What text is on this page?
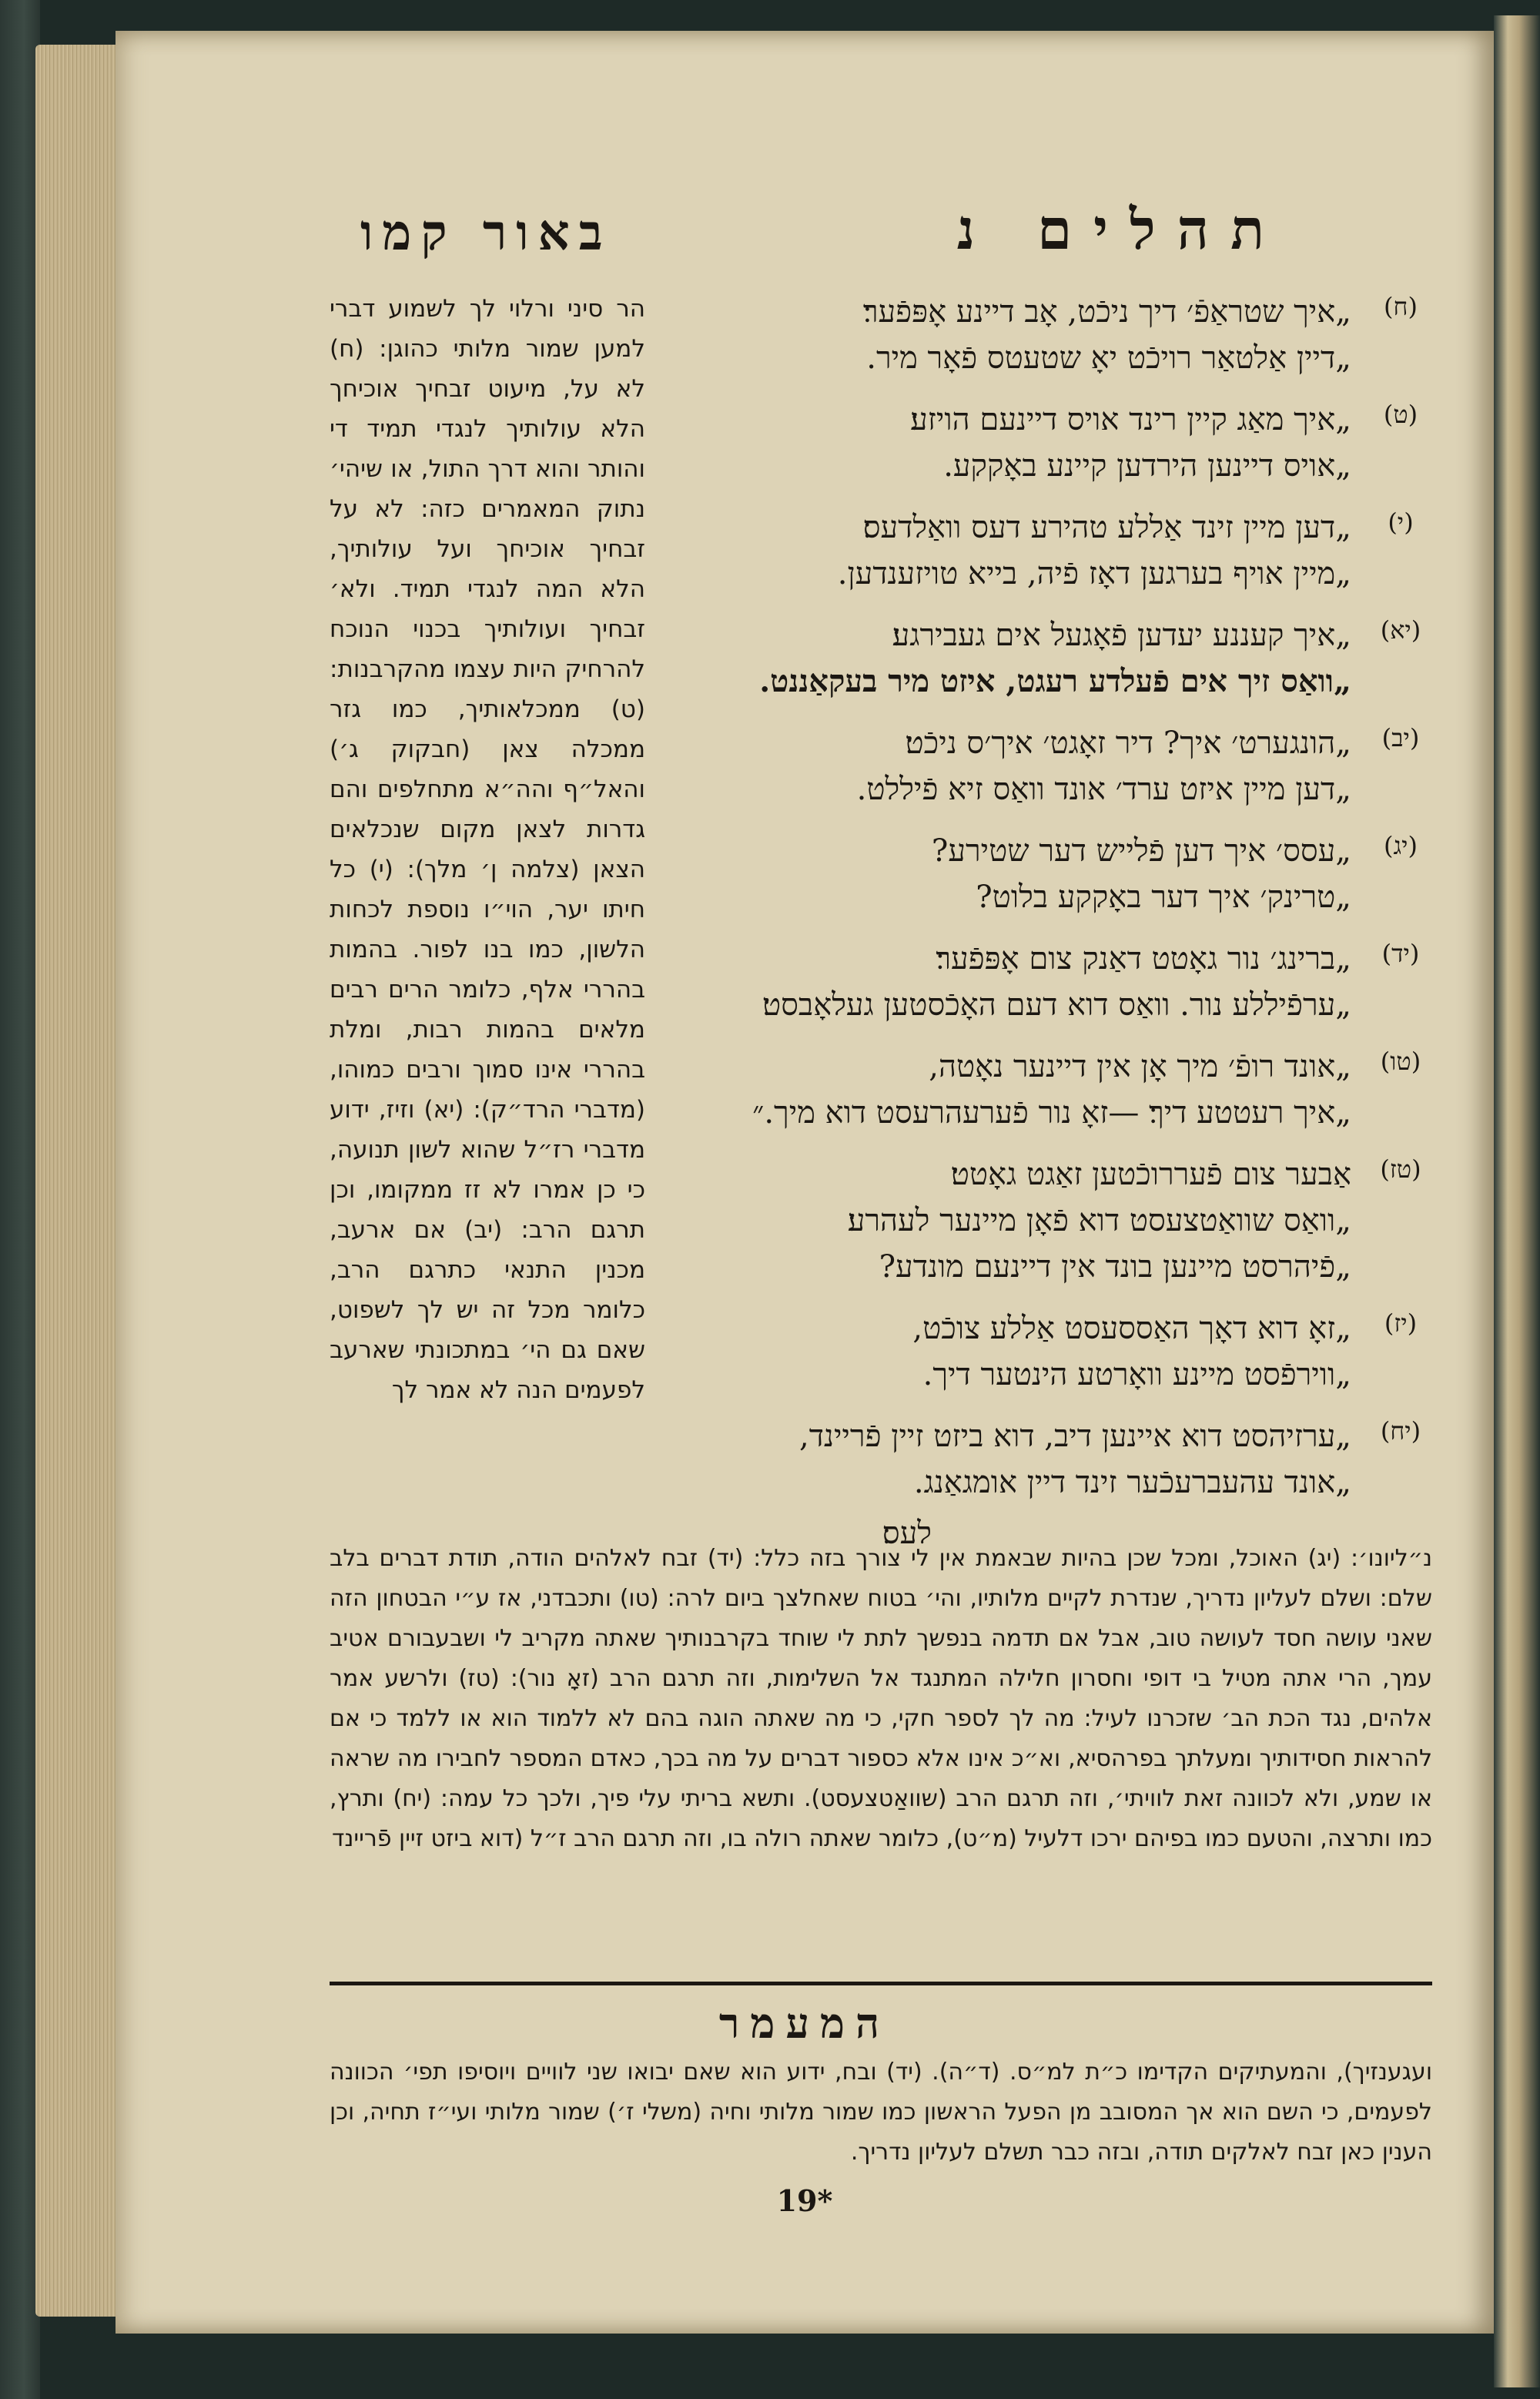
תהלים נ
באור קמו
(ח)
„איך שטראַפֿ׳ דיך ניכֿט, אָב דיינע אָפּפֿער׃
„דיין אַלטאַר רויכֿט יאָ שטעטס פֿאָר מיר.
(ט)
„איך מאַג קיין רינד אויס דיינעם הויזע׃
„אויס דיינען הירדען קיינע באָקקע.
(י)
„דען מיין זינד אַללע טהירע דעס וואַלדעס׃
„מיין אויף בערגען דאָז פֿיה, בייא טויזענדען.
(יא)
„איך קעננע יעדען פֿאָגעל אים געבירגע׃
„וואַס זיך אים פֿעלדע רעגט, איזט מיר בעקאַננט.
(יב)
„הונגערט׳ איך? דיר זאָגט׳ איך׳ס ניכֿט׃
„דען מיין איזט ערד׳ אונד וואַס זיא פֿיללט.
(יג)
„עסס׳ איך דען פֿלייש דער שטירע?
„טרינק׳ איך דער באָקקע בלוט?
(יד)
„ברינג׳ נור גאָטט דאַנק צום אָפּפֿער׃
„ערפֿיללע נור. וואַס דוא דעם האָכֿסטען געלאָבסט׃
(טו)
„אונד רופֿ׳ מיך אָן אין דיינער נאָטה,
„איך רעטטע דיך׃ —זאָ נור פֿערעהרעסט דוא מיך.״
(טז)
אַבער צום פֿעררוכֿטען זאַגט גאָטט׃
„וואַס שוואַטצעסט דוא פֿאָן מיינער לעהרע׃
„פֿיהרסט מיינען בונד אין דיינעם מונדע?
(יז)
„זאָ דוא דאָך האַססעסט אַללע צוכֿט,
„ווירפֿסט מיינע וואָרטע הינטער דיך.
(יח)
„ערזיהסט דוא איינען דיב, דוא ביזט זיין פֿריינד,
„אונד עהעברעכֿער זינד דיין אומגאַנג.
לעס׃
הר סיני ורלוי לך לשמוע דברי למען שמור מלותי כהוגן: (ח) לא על, מיעוט זבחיך אוכיחך הלא עולותיך לנגדי תמיד די והותר והוא דרך התול, או שיהי׳ נתוק המאמרים כזה: לא על זבחיך אוכיחך ועל עולותיך, הלא המה לנגדי תמיד. ולא׳ זבחיך ועולותיך בכנוי הנוכח להרחיק היות עצמו מהקרבנות: (ט) ממכלאותיך, כמו גזר ממכלה צאן (חבקוק ג׳) והאל״ף והה״א מתחלפים והם גדרות לצאן מקום שנכלאים הצאן (צלמה ן׳ מלך): (י) כל חיתו יער, הוי״ו נוספת לכחות הלשון, כמו בנו לפור. בהמות בהררי אלף, כלומר הרים רבים מלאים בהמות רבות, ומלת בהררי אינו סמוך ורבים כמוהו, (מדברי הרד״ק): (יא) וזיז, ידוע מדברי רז״ל שהוא לשון תנועה, כי כן אמרו לא זז ממקומו, וכן תרגם הרב: (יב) אם ארעב, מכנין התנאי כתרגם הרב, כלומר מכל זה יש לך לשפוט, שאם גם הי׳ במתכונתי שארעב לפעמים הנה לא אמר לך
נ״ליונו׳: (יג) האוכל, ומכל שכן בהיות שבאמת אין לי צורך בזה כלל: (יד) זבח לאלהים הודה, תודת דברים בלב שלם: ושלם לעליון נדריך, שנדרת לקיים מלותיו, והי׳ בטוח שאחלצך ביום לרה: (טו) ותכבדני, אז ע״י הבטחון הזה שאני עושה חסד לעושה טוב, אבל אם תדמה בנפשך לתת לי שוחד בקרבנותיך שאתה מקריב לי ושבעבורם אטיב עמך, הרי אתה מטיל בי דופי וחסרון חלילה המתנגד אל השלימות, וזה תרגם הרב (זאָ נור): (טז) ולרשע אמר אלהים, נגד הכת הב׳ שזכרנו לעיל: מה לך לספר חקי, כי מה שאתה הוגה בהם לא ללמוד הוא או ללמד כי אם להראות חסידותיך ומעלתך בפרהסיא, וא״כ אינו אלא כספור דברים על מה בכך, כאדם המספר לחבירו מה שראה או שמע, ולא לכוונה זאת לוויתי׳, וזה תרגם הרב (שוואַטצעסט). ותשא בריתי עלי פיך, ולכך כל עמה: (יח) ותרץ, כמו ותרצה, והטעם כמו בפיהם ירכו דלעיל (מ״ט), כלומר שאתה רולה בו, וזה תרגם הרב ז״ל (דוא ביזט זיין פֿריינד
המעמר
ועגענזיך), והמעתיקים הקדימו כ״ת למ״ס. (ד״ה). (יד) ובח, ידוע הוא שאם יבואו שני לוויים ויוסיפו תפי׳ הכוונה לפעמים, כי השם הוא אך המסובב מן הפעל הראשון כמו שמור מלותי וחיה (משלי ז׳) שמור מלותי ועי״ז תחיה, וכן הענין כאן זבח לאלקים תודה, ובזה כבר תשלם לעליון נדריך.
19*
